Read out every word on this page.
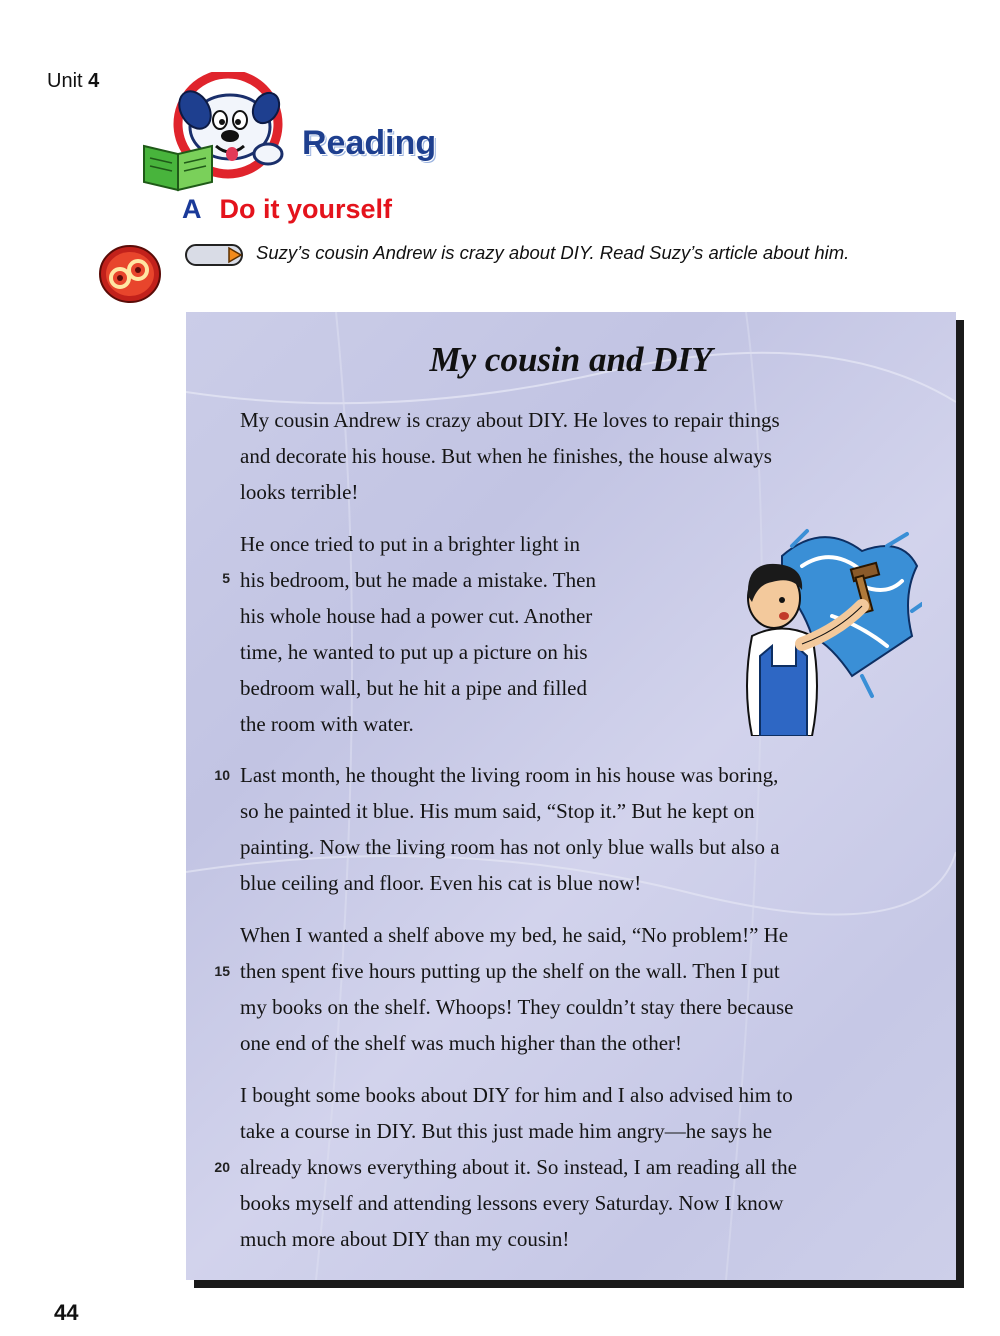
Unit 4
Reading
A Do it yourself
Suzy’s cousin Andrew is crazy about DIY. Read Suzy’s article about him.
My cousin and DIY
My cousin Andrew is crazy about DIY. He loves to repair things
and decorate his house. But when he finishes, the house always
looks terrible!
He once tried to put in a brighter light in
his bedroom, but he made a mistake. Then
his whole house had a power cut. Another
time, he wanted to put up a picture on his
bedroom wall, but he hit a pipe and filled
the room with water.
Last month, he thought the living room in his house was boring,
so he painted it blue. His mum said, “Stop it.” But he kept on
painting. Now the living room has not only blue walls but also a
blue ceiling and floor. Even his cat is blue now!
When I wanted a shelf above my bed, he said, “No problem!” He
then spent five hours putting up the shelf on the wall. Then I put
my books on the shelf. Whoops! They couldn’t stay there because
one end of the shelf was much higher than the other!
I bought some books about DIY for him and I also advised him to
take a course in DIY. But this just made him angry—he says he
already knows everything about it. So instead, I am reading all the
books myself and attending lessons every Saturday. Now I know
much more about DIY than my cousin!
5
10
15
20
44
